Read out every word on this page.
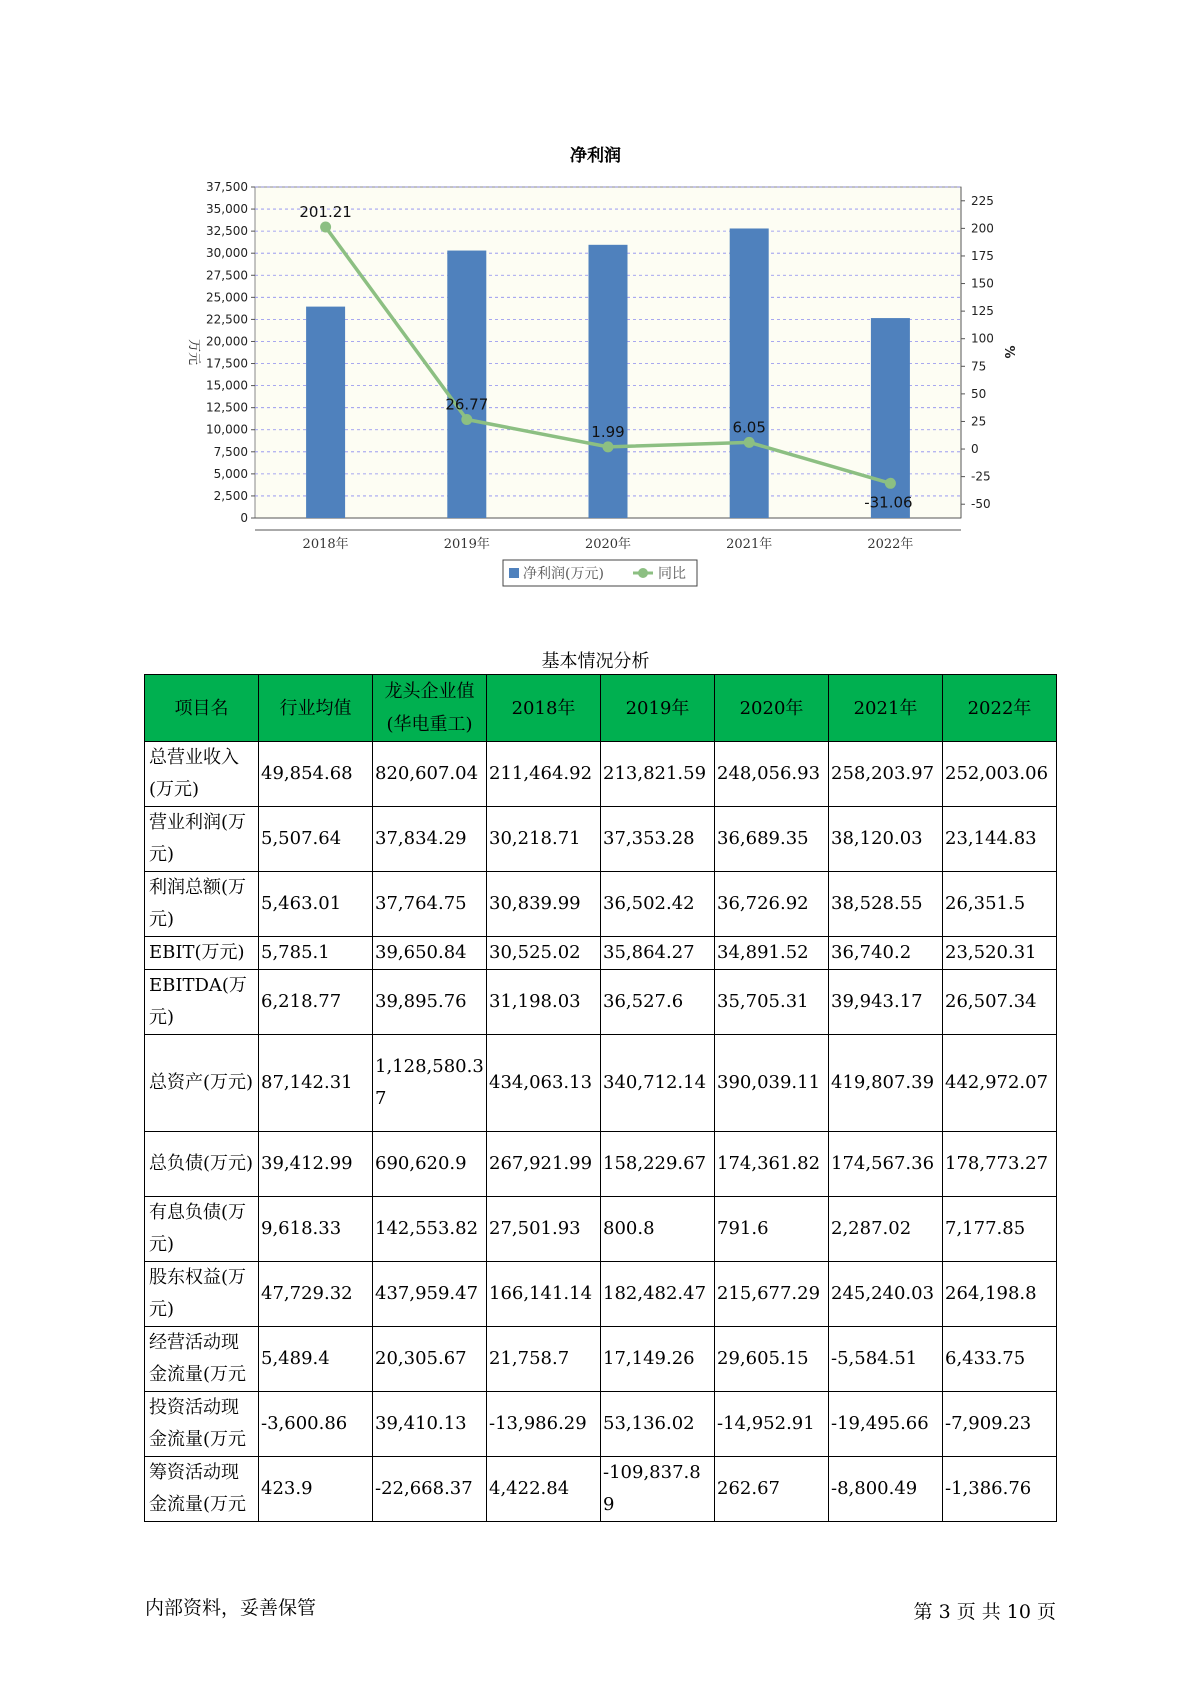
净利润
0
2,500
5,000
7,500
10,000
12,500
15,000
17,500
20,000
22,500
25,000
27,500
30,000
32,500
35,000
37,500
-50
-25
0
25
50
75
100
125
150
175
200
225
万元	%
2018年	2019年	2020年	2021年	2022年
201.21
26.77
1.99	6.05
-31.06
净利润(万元)	同比
基本情况分析
项目名	行业均值	龙头企业值(华电重工)	2018年	2019年	2020年	2021年	2022年
总营业收入(万元)	49,854.68	820,607.04	211,464.92	213,821.59	248,056.93	258,203.97	252,003.06
营业利润(万元)	5,507.64	37,834.29	30,218.71	37,353.28	36,689.35	38,120.03	23,144.83
利润总额(万元)	5,463.01	37,764.75	30,839.99	36,502.42	36,726.92	38,528.55	26,351.5
EBIT(万元)	5,785.1	39,650.84	30,525.02	35,864.27	34,891.52	36,740.2	23,520.31
EBITDA(万元)	6,218.77	39,895.76	31,198.03	36,527.6	35,705.31	39,943.17	26,507.34
总资产(万元)	87,142.31	1,128,580.37	434,063.13	340,712.14	390,039.11	419,807.39	442,972.07
总负债(万元)	39,412.99	690,620.9	267,921.99	158,229.67	174,361.82	174,567.36	178,773.27
有息负债(万元)	9,618.33	142,553.82	27,501.93	800.8	791.6	2,287.02	7,177.85
股东权益(万元)	47,729.32	437,959.47	166,141.14	182,482.47	215,677.29	245,240.03	264,198.8
经营活动现金流量(万元	5,489.4	20,305.67	21,758.7	17,149.26	29,605.15	-5,584.51	6,433.75
投资活动现金流量(万元	-3,600.86	39,410.13	-13,986.29	53,136.02	-14,952.91	-19,495.66	-7,909.23
筹资活动现金流量(万元	423.9	-22,668.37	4,422.84	-109,837.89	262.67	-8,800.49	-1,386.76
内部资料，妥善保管	第 3 页 共 10 页
